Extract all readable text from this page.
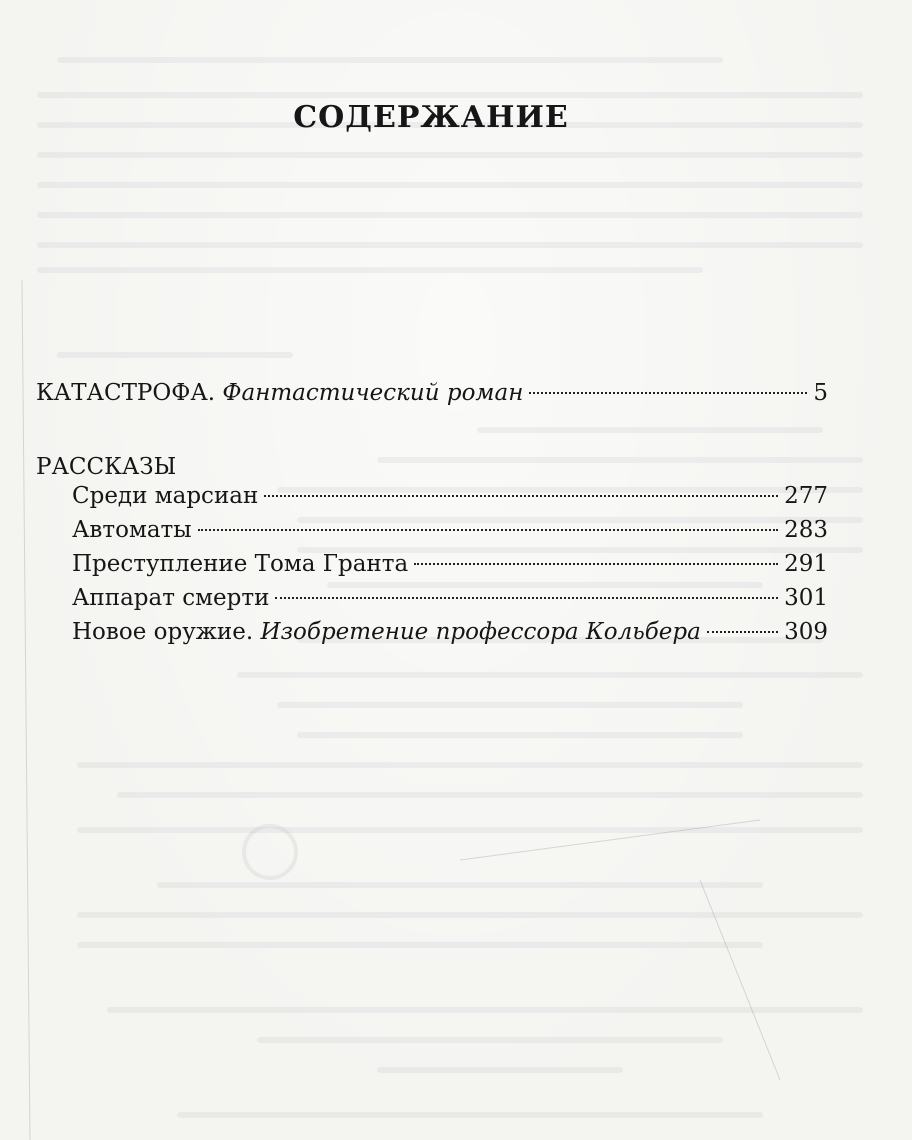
СОДЕРЖАНИЕ
КАТАСТРОФА. Фантастический роман	5
РАССКАЗЫ
Среди марсиан	277
Автоматы	283
Преступление Тома Гранта	291
Аппарат смерти	301
Новое оружие. Изобретение профессора Кольбера	309
